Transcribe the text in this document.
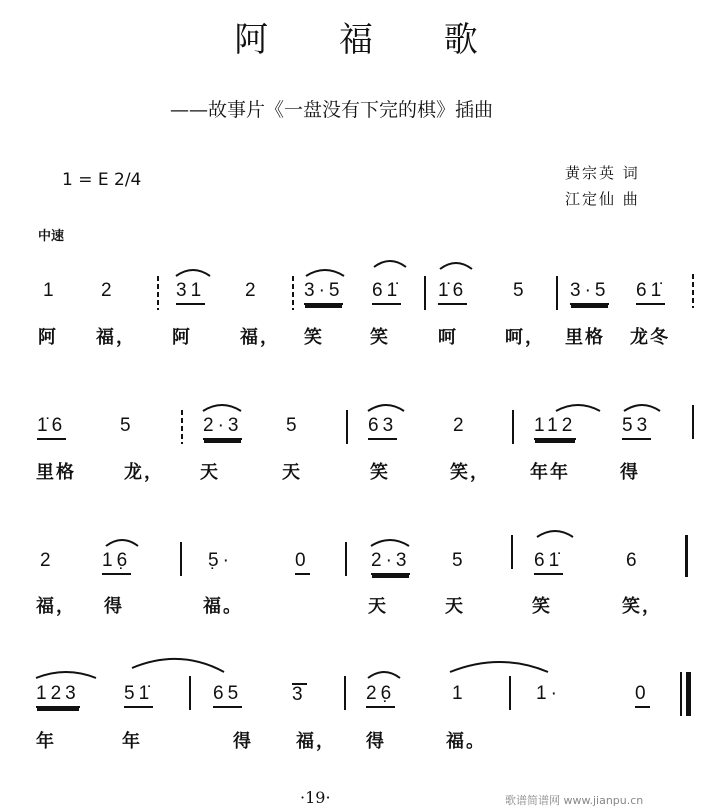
阿 福 歌
——故事片《一盘没有下完的棋》插曲
1 = E 2/4	黄宗英 词
江定仙 曲
中速
1 2	31 2 3·5 61̇ 1̇6 5 3·5 61̇
阿 福， 阿	福， 笑	笑	呵	呵， 里格 龙冬
1̇6	5	2·3 5	63	2	112 53
里格	龙， 天	天	笑	笑， 年年	得
2 16̣	5̣·	0	2·3 5	61̇	6
福， 得	福。	天	天	笑	笑，
123 51̇	65	3	26̣	1	1·	0
年	年	得 福， 得	福。
·19·	歌谱简谱网 www.jianpu.cn
